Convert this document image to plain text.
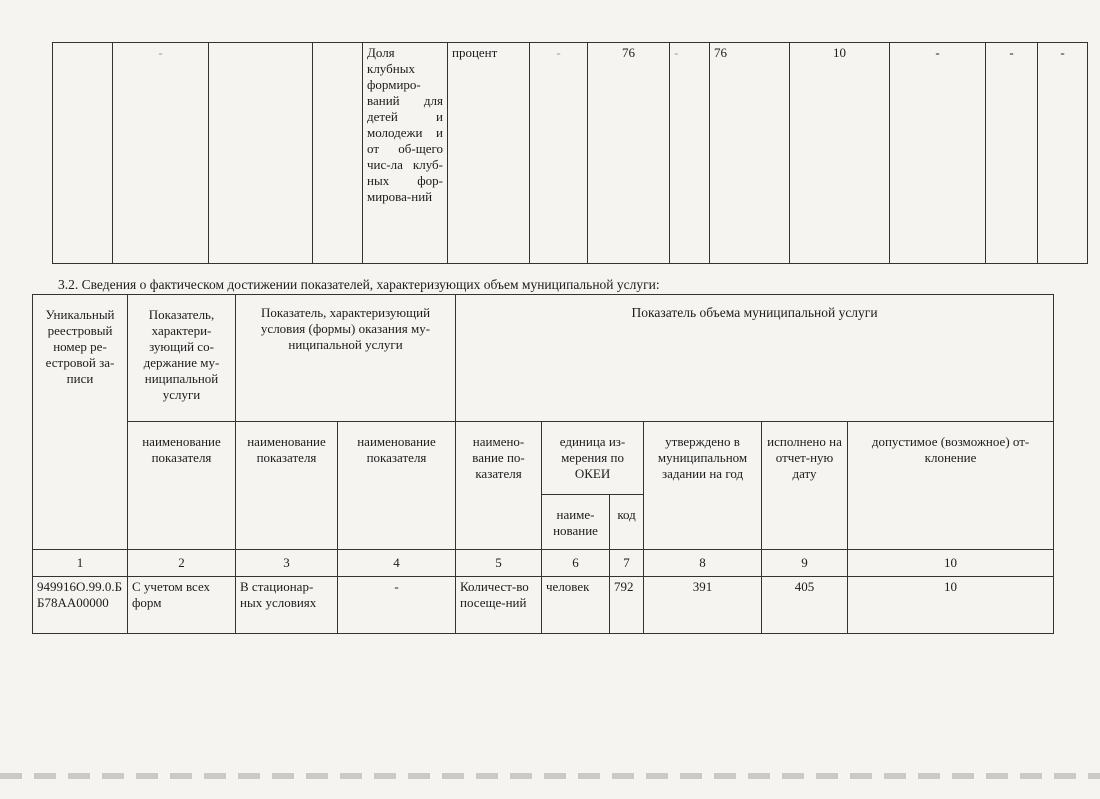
	-			Доля клубных формиро-ваний для детей и молодежи и от об-щего чис-ла клуб-ных фор-мирова-ний	процент	-	76	-	76	10	-	-	-
3.2. Сведения о фактическом достижении показателей, характеризующих объем муниципальной услуги:
Уникальный реестровый номер ре-естровой за-писи	Показатель, характери-зующий со-держание му-ниципальной услуги	Показатель, характеризующий условия (формы) оказания му-ниципальной услуги		Показатель объема муниципальной услуги					
	наименование показателя	наименование показателя	наименование показателя	наимено-вание по-казателя	единица из-мерения по ОКЕИ		утверждено в муниципальном задании на год	исполнено на отчет-ную дату	допустимое (возможное) от-клонение
					наиме-нование	код			
1	2	3	4	5	6	7	8	9	10
949916О.99.0.ББ78АА00000	С учетом всех форм	В стационар-ных условиях	-	Количест-во посеще-ний	человек	792	391	405	10
